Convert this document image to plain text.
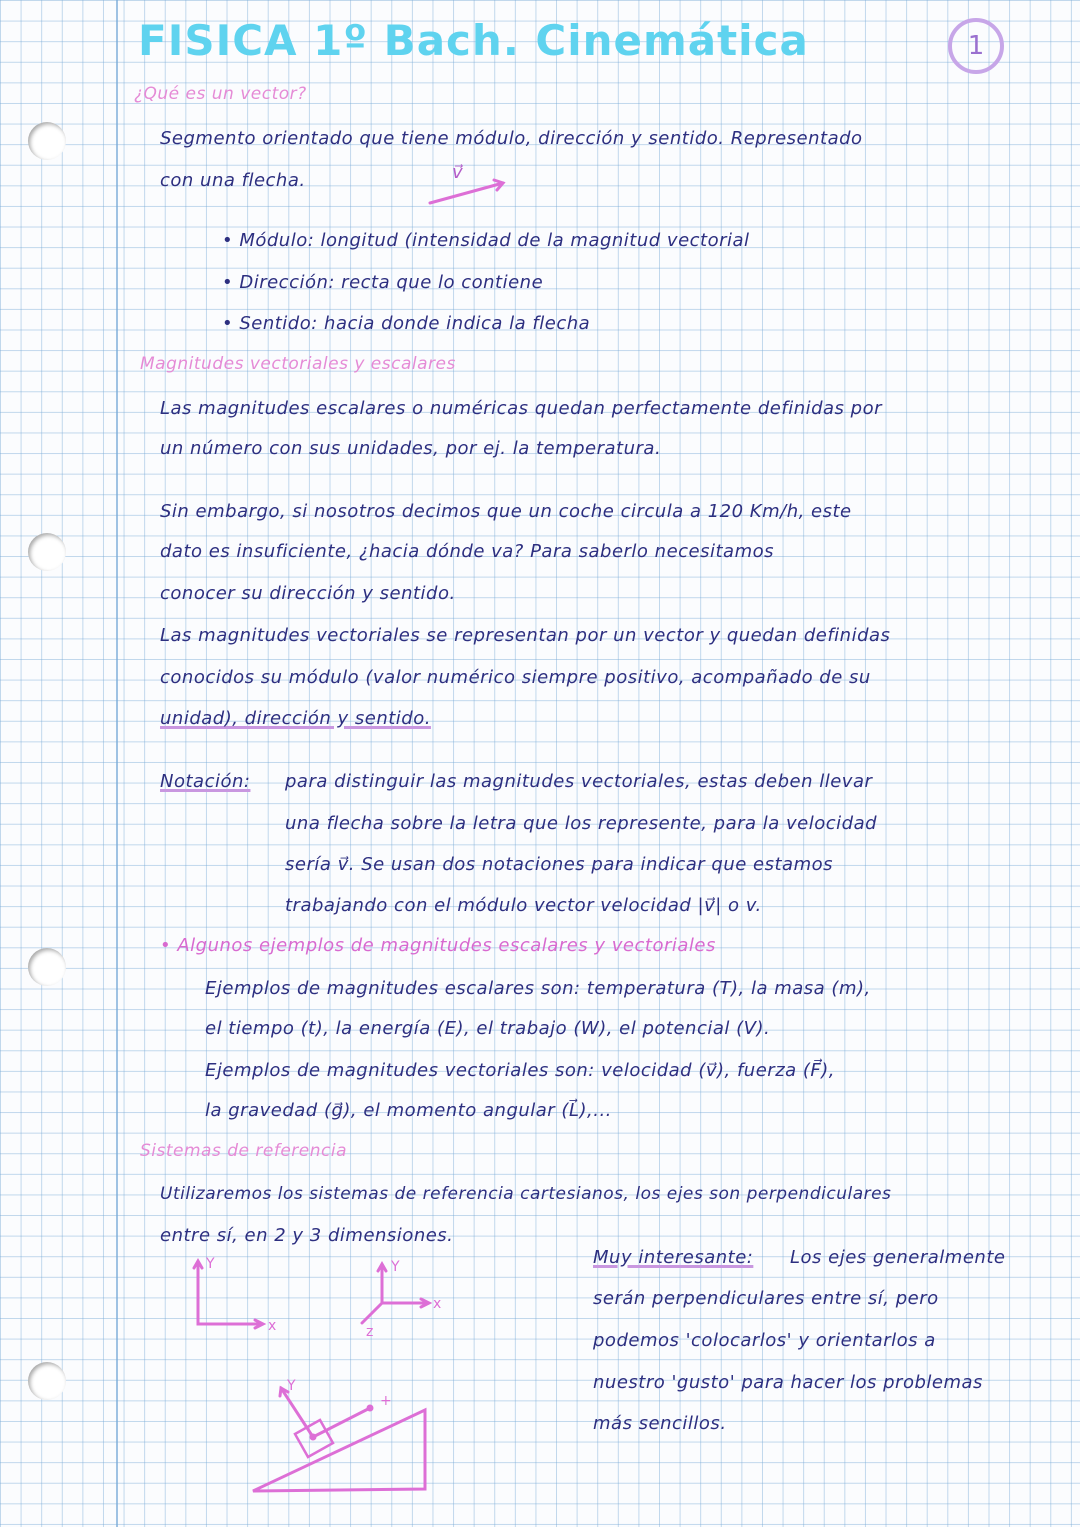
FISICA 1º Bach. Cinemática	1
¿Qué es un vector?
Segmento orientado que tiene módulo, dirección y sentido. Representado
con una flecha.	v⃗
• Módulo: longitud (intensidad de la magnitud vectorial
• Dirección: recta que lo contiene
• Sentido: hacia donde indica la flecha
Magnitudes vectoriales y escalares
Las magnitudes escalares o numéricas quedan perfectamente definidas por
un número con sus unidades, por ej. la temperatura.
Sin embargo, si nosotros decimos que un coche circula a 120 Km/h, este
dato es insuficiente, ¿hacia dónde va? Para saberlo necesitamos
conocer su dirección y sentido.
Las magnitudes vectoriales se representan por un vector y quedan definidas
conocidos su módulo (valor numérico siempre positivo, acompañado de su
unidad), dirección y sentido.
Notación: para distinguir las magnitudes vectoriales, estas deben llevar
una flecha sobre la letra que los represente, para la velocidad
sería v⃗. Se usan dos notaciones para indicar que estamos
trabajando con el módulo vector velocidad |v⃗| o v.
• Algunos ejemplos de magnitudes escalares y vectoriales
Ejemplos de magnitudes escalares son: temperatura (T), la masa (m),
el tiempo (t), la energía (E), el trabajo (W), el potencial (V).
Ejemplos de magnitudes vectoriales son: velocidad (v⃗), fuerza (F⃗),
la gravedad (g⃗), el momento angular (L⃗),...
Sistemas de referencia
Utilizaremos los sistemas de referencia cartesianos, los ejes son perpendiculares
entre sí, en 2 y 3 dimensiones.
Muy interesante: Los ejes generalmente
serán perpendiculares entre sí, pero
podemos 'colocarlos' y orientarlos a
nuestro 'gusto' para hacer los problemas
más sencillos.
Y
x
Y
x
z
Y
+
